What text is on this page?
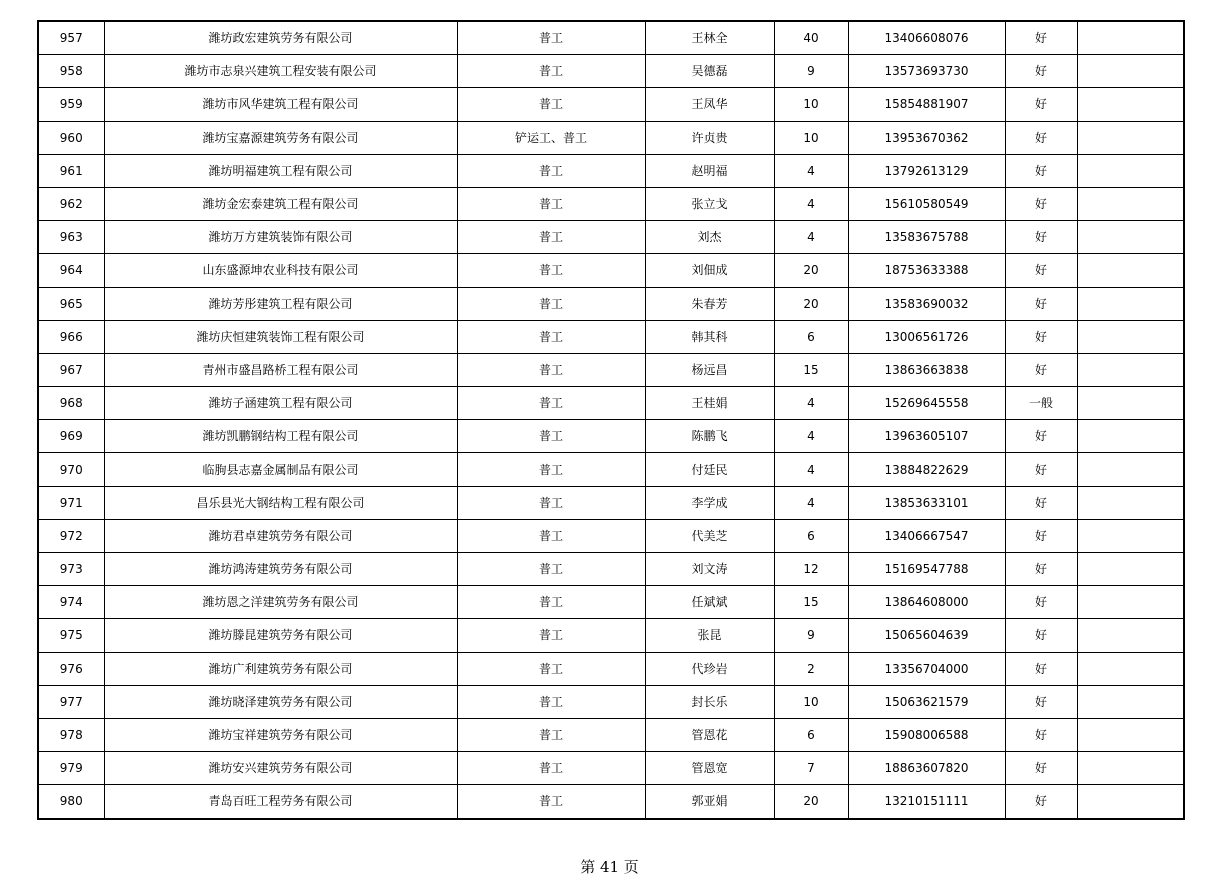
957	潍坊政宏建筑劳务有限公司	普工	王林全	40	13406608076	好	
958	潍坊市志泉兴建筑工程安装有限公司	普工	吴德磊	9	13573693730	好	
959	潍坊市风华建筑工程有限公司	普工	王凤华	10	15854881907	好	
960	潍坊宝嘉源建筑劳务有限公司	铲运工、普工	许贞贵	10	13953670362	好	
961	潍坊明福建筑工程有限公司	普工	赵明福	4	13792613129	好	
962	潍坊金宏泰建筑工程有限公司	普工	张立戈	4	15610580549	好	
963	潍坊万方建筑装饰有限公司	普工	刘杰	4	13583675788	好	
964	山东盛源坤农业科技有限公司	普工	刘佃成	20	18753633388	好	
965	潍坊芳彤建筑工程有限公司	普工	朱春芳	20	13583690032	好	
966	潍坊庆恒建筑装饰工程有限公司	普工	韩其科	6	13006561726	好	
967	青州市盛昌路桥工程有限公司	普工	杨远昌	15	13863663838	好	
968	潍坊子涵建筑工程有限公司	普工	王桂娟	4	15269645558	一般	
969	潍坊凯鹏钢结构工程有限公司	普工	陈鹏飞	4	13963605107	好	
970	临朐县志嘉金属制品有限公司	普工	付廷民	4	13884822629	好	
971	昌乐县光大钢结构工程有限公司	普工	李学成	4	13853633101	好	
972	潍坊君卓建筑劳务有限公司	普工	代美芝	6	13406667547	好	
973	潍坊鸿涛建筑劳务有限公司	普工	刘文涛	12	15169547788	好	
974	潍坊恩之洋建筑劳务有限公司	普工	任斌斌	15	13864608000	好	
975	潍坊滕昆建筑劳务有限公司	普工	张昆	9	15065604639	好	
976	潍坊广利建筑劳务有限公司	普工	代珍岩	2	13356704000	好	
977	潍坊晓泽建筑劳务有限公司	普工	封长乐	10	15063621579	好	
978	潍坊宝祥建筑劳务有限公司	普工	管恩花	6	15908006588	好	
979	潍坊安兴建筑劳务有限公司	普工	管恩宽	7	18863607820	好	
980	青岛百旺工程劳务有限公司	普工	郭亚娟	20	13210151111	好	
第 41 页
